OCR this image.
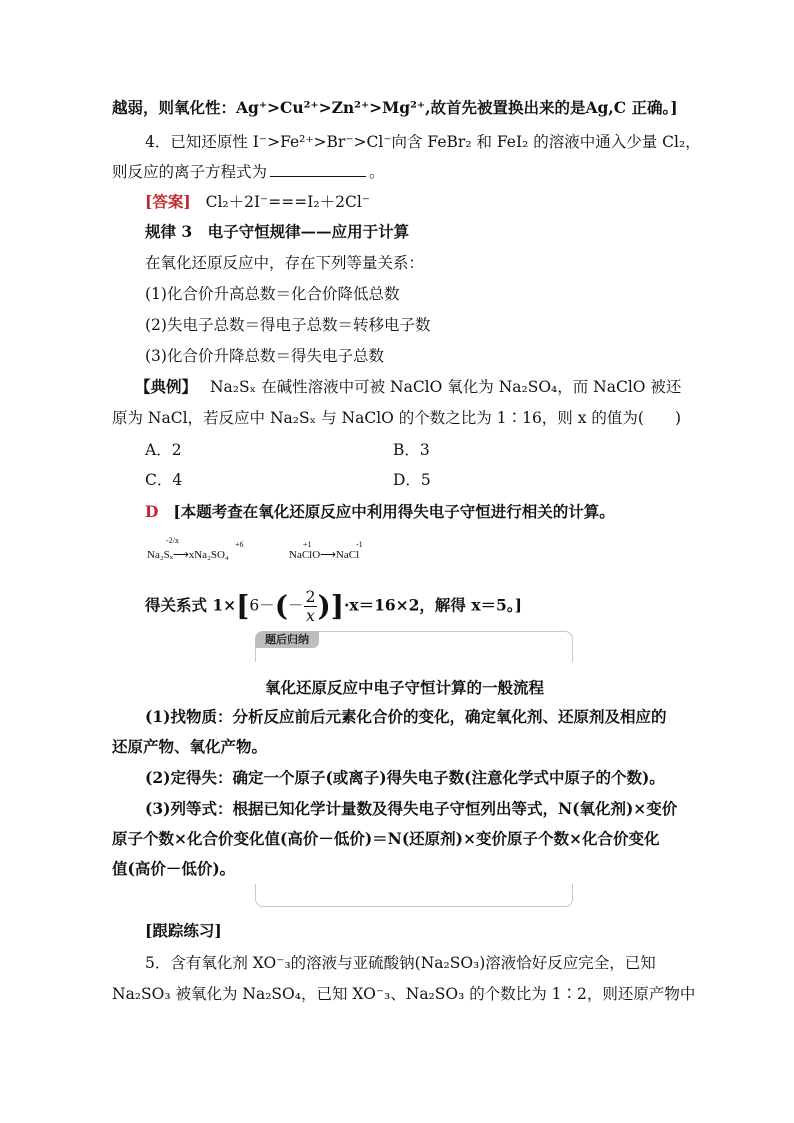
越弱，则氧化性：Ag⁺>Cu²⁺>Zn²⁺>Mg²⁺,故首先被置换出来的是Ag,C 正确。]
4．已知还原性 I⁻>Fe²⁺>Br⁻>Cl⁻向含 FeBr₂ 和 FeI₂ 的溶液中通入少量 Cl₂，
则反应的离子方程式为	。
[答案] Cl₂＋2I⁻===I₂＋2Cl⁻
规律 3　电子守恒规律——应用于计算
在氧化还原反应中，存在下列等量关系：
(1)化合价升高总数＝化合价降低总数
(2)失电子总数＝得电子总数＝转移电子数
(3)化合价升降总数＝得失电子总数
【典例】 Na₂Sₓ 在碱性溶液中可被 NaClO 氧化为 Na₂SO₄，而 NaClO 被还
原为 NaCl，若反应中 Na₂Sₓ 与 NaClO 的个数之比为 1∶16，则 x 的值为(　　)
A．2	B．3
C．4	D．5
D [本题考查在氧化还原反应中利用得失电子守恒进行相关的计算。
-2/x	+6	+1	-1
Na₂Sₓ⟶xNa₂SO₄	NaClO⟶NaCl
得关系式 $1\times[6-(- \frac{2}{x} )]\cdot x=16\times 2$，解得 x＝5。]
题后归纳
氧化还原反应中电子守恒计算的一般流程
(1)找物质：分析反应前后元素化合价的变化，确定氧化剂、还原剂及相应的
还原产物、氧化产物。
(2)定得失：确定一个原子(或离子)得失电子数(注意化学式中原子的个数)。
(3)列等式：根据已知化学计量数及得失电子守恒列出等式，N(氧化剂)×变价
原子个数×化合价变化值(高价－低价)＝N(还原剂)×变价原子个数×化合价变化
值(高价－低价)。
[跟踪练习]
5．含有氧化剂 XO⁻₃的溶液与亚硫酸钠(Na₂SO₃)溶液恰好反应完全，已知
Na₂SO₃ 被氧化为 Na₂SO₄，已知 XO⁻₃、Na₂SO₃ 的个数比为 1∶2，则还原产物中
